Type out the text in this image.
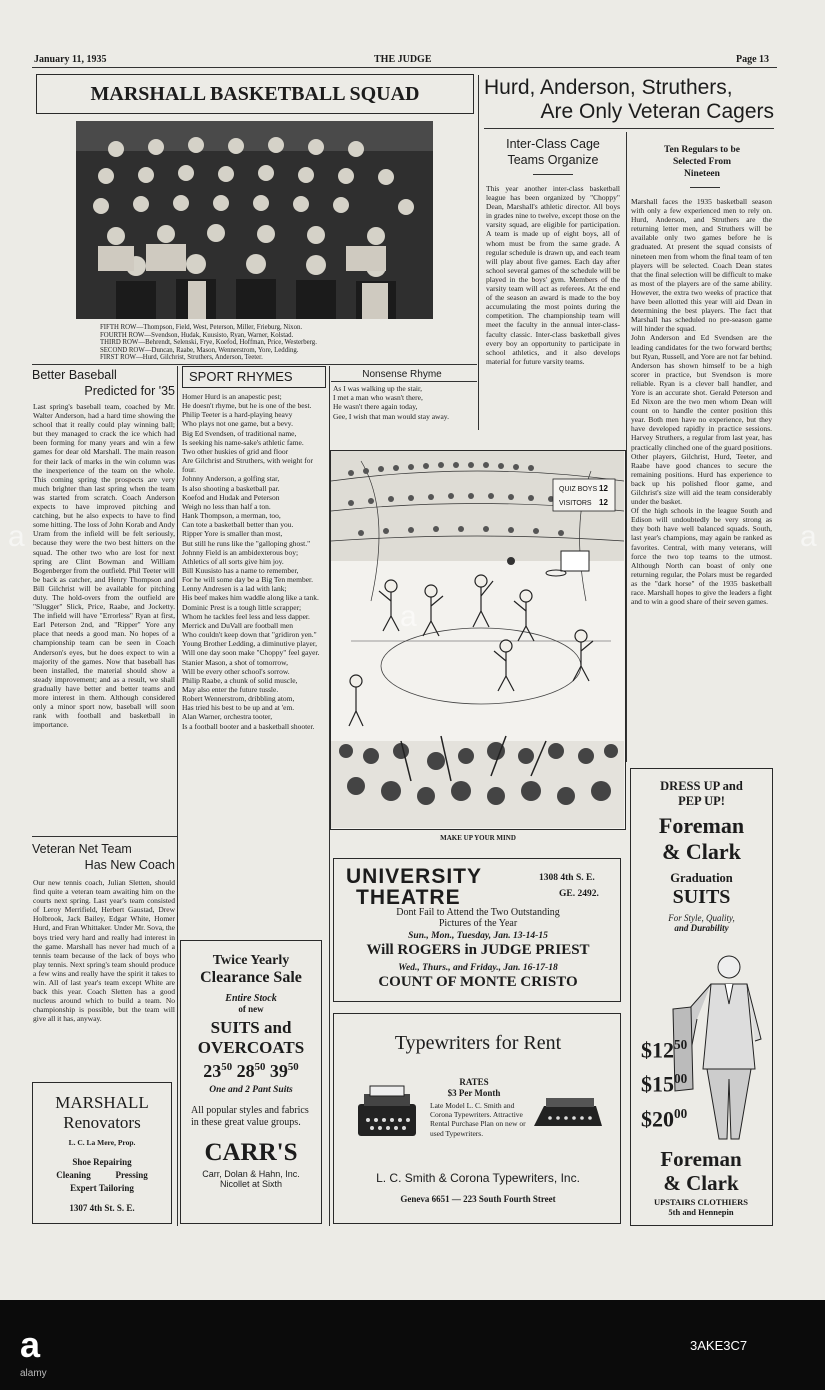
January 11, 1935	THE JUDGE	Page 13
MARSHALL BASKETBALL SQUAD
FIFTH ROW—Thompson, Field, West, Peterson, Miller, Frieburg, Nixon.
FOURTH ROW—Svendson, Hudak, Kuusisto, Ryan, Warner, Kolstad.
THIRD ROW—Behrendt, Selenski, Frye, Koefod, Hoffman, Price, Westerberg.
SECOND ROW—Duncan, Raabe, Mason, Wennerstrom, Yore, Ledding.
FIRST ROW—Hurd, Gilchrist, Struthers, Anderson, Teeter.
Hurd, Anderson, Struthers,
Are Only Veteran Cagers
Inter-Class Cage
Teams Organize
This year another inter-class basketball league has been organized by "Choppy" Dean, Marshall's athletic director. All boys in grades nine to twelve, except those on the varsity squad, are eligible for participation. A team is made up of eight boys, all of whom must be from the same grade. A regular schedule is drawn up, and each team will play about five games. Each day after school several games of the schedule will be played in the boys' gym. Members of the varsity team will act as referees. At the end of the season an award is made to the boy accumulating the most points during the competition. The championship team will meet the faculty in the annual inter-class-faculty classic. Inter-class basketball gives every boy an opportunity to participate in school athletics, and it also develops material for future varsity teams.
Ten Regulars to be
Selected From
Nineteen
Marshall faces the 1935 basketball season with only a few experienced men to rely on. Hurd, Anderson, and Struthers are the returning letter men, and Struthers will be available only two games before he is graduated. At present the squad consists of nineteen men from whom the final team of ten players will be selected. Coach Dean states that the final selection will be difficult to make as most of the players are of the same ability. However, the extra two weeks of practice that have been allotted this year will aid Dean in determining the best players. The fact that Marshall has scheduled no pre-season game will hinder the squad.
John Anderson and Ed Svendsen are the leading candidates for the two forward berths; but Ryan, Russell, and Yore are not far behind. Anderson has shown himself to be a high scorer in practice, but Svendson is more reliable. Ryan is a clever ball handler, and Yore is an accurate shot. Gerald Peterson and Ed Nixon are the two men whom Dean will count on to handle the center position this year. Both men have no experience, but they have developed rapidly in practice sessions. Harvey Struthers, a regular from last year, has practically clinched one of the guard positions. Other players, Gilchrist, Hurd, Teeter, and Raabe have good chances to secure the remaining positions. Hurd has experience to back up his polished floor game, and Gilchrist's size will aid the team considerably under the basket.
Of the high schools in the league South and Edison will undoubtedly be very strong as they both have well balanced squads. South, last year's champions, may again be ranked as favorites. Central, with many veterans, will force the two top teams to the utmost. Although North can boast of only one returning regular, the Polars must be regarded as the "dark horse" of the 1935 basketball race. Marshall hopes to give the leaders a fight and to win a good share of their seven games.
Better Baseball
Predicted for '35
Last spring's baseball team, coached by Mr. Walter Anderson, had a hard time showing the school that it really could play winning ball; but they managed to crack the ice which had been forming for many years and win a few games for dear old Marshall. The main reason for their lack of marks in the win column was the inexperience of the team on the whole. This coming spring the prospects are very much brighter than last spring when the team was started from scratch. Coach Anderson expects to have improved pitching and catching, but he also expects to have to find some hitting. The loss of John Korab and Andy Uram from the infield will be felt seriously, because they were the two best hitters on the squad. The other two who are lost for next spring are Clint Bowman and William Bogenberger from the outfield. Phil Teeter will be back as catcher, and Henry Thompson and Bill Gilchrist will be available for pitching duty. The hold-overs from the outfield are "Slugger" Slick, Price, Raabe, and Jocketty. The infield will have "Errorless" Ryan at first, Earl Peterson 2nd, and "Ripper" Yore any place that needs a good man. No hopes of a championship team can be seen in Coach Anderson's eyes, but he does expect to win a majority of the games. Now that baseball has been installed, the material should show a steady improvement; and as a result, we shall gradually have better and better teams and more interest in them. Although considered only a minor sport now, baseball will soon rank with football and basketball in importance.
Veteran Net Team
Has New Coach
Our new tennis coach, Julian Sletten, should find quite a veteran team awaiting him on the courts next spring. Last year's team consisted of Leroy Merrifield, Herbert Gaustad, Drew Holbrook, Jack Bailey, Edgar White, Homer Hurd, and Fran Whittaker. Under Mr. Sova, the boys tried very hard and really had interest in the game. Marshall has never had much of a tennis team because of the lack of boys who play tennis. Next spring's team should produce a few wins and really have the spirit it takes to win. All of last year's team except White are back this year. Coach Sletten has a good nucleus around which to build a team. No championship is possible, but the team will give all it has, anyway.
MARSHALL
Renovators
L. C. La Mere, Prop.
Shoe Repairing
Cleaning           Pressing
Expert Tailoring
1307 4th St. S. E.
SPORT RHYMES
Homer Hurd is an anapestic pest;
He doesn't rhyme, but he is one of the best.
Philip Teeter is a hard-playing heavy
Who plays not one game, but a bevy.
Big Ed Svendsen, of traditional name,
Is seeking his name-sake's athletic fame.
Two other huskies of grid and floor
Are Gilchrist and Struthers, with weight for four.
Johnny Anderson, a golfing star,
Is also shooting a basketball par.
Koefod and Hudak and Peterson
Weigh no less than half a ton.
Hank Thompson, a merman, too,
Can tote a basketball better than you.
Ripper Yore is smaller than most,
But still he runs like the "galloping ghost."
Johnny Field is an ambidexterous boy;
Athletics of all sorts give him joy.
Bill Kuusisto has a name to remember,
For he will some day be a Big Ten member.
Lenny Andresen is a lad with lank;
His beef makes him waddle along like a tank.
Dominic Prest is a tough little scrapper;
Whom he tackles feel less and less dapper.
Merrick and DuVall are football men
Who couldn't keep down that "gridiron yen."
Young Brother Ledding, a diminutive player,
Will one day soon make "Choppy" feel gayer.
Stanier Mason, a shot of tomorrow,
Will be every other school's sorrow.
Philip Raabe, a chunk of solid muscle,
May also enter the future tussle.
Robert Wennerstrom, dribbling atom,
Has tried his best to be up and at 'em.
Alan Warner, orchestra tooter,
Is a football booter and a basketball shooter.
Nonsense Rhyme
As I was walking up the stair,
I met a man who wasn't there,
He wasn't there again today,
Gee, I wish that man would stay away.
QUIZ BOYS 12
VISITORS 12
MAKE UP YOUR MIND
Twice Yearly
Clearance Sale
Entire Stock
of new
SUITS and
OVERCOATS
$23^{50}$ $28^{50}$ $39^{50}$
One and 2 Pant Suits
All popular styles and fabrics in these great value groups.
CARR'S
Carr, Dolan & Hahn, Inc.
Nicollet at Sixth
UNIVERSITY
THEATRE
1308 4th S. E.
GE. 2492.
Dont Fail to Attend the Two Outstanding
Pictures of the Year
Sun., Mon., Tuesday, Jan. 13-14-15
Will ROGERS in JUDGE PRIEST
Wed., Thurs., and Friday., Jan. 16-17-18
COUNT OF MONTE CRISTO
Typewriters for Rent
RATES
$3 Per Month
Late Model L. C. Smith and Corona Typewriters. Attractive Rental Purchase Plan on new or used Typewriters.
L. C. Smith & Corona Typewriters, Inc.
Geneva 6651 — 223 South Fourth Street
DRESS UP and
PEP UP!
Foreman
& Clark
Graduation
SUITS
For Style, Quality,
and Durability
$\$12^{50}$
$\$15^{00}$
$\$20^{00}$
Foreman
& Clark
UPSTAIRS CLOTHIERS
5th and Hennepin
a
a
a
a
alamy
3AKE3C7
